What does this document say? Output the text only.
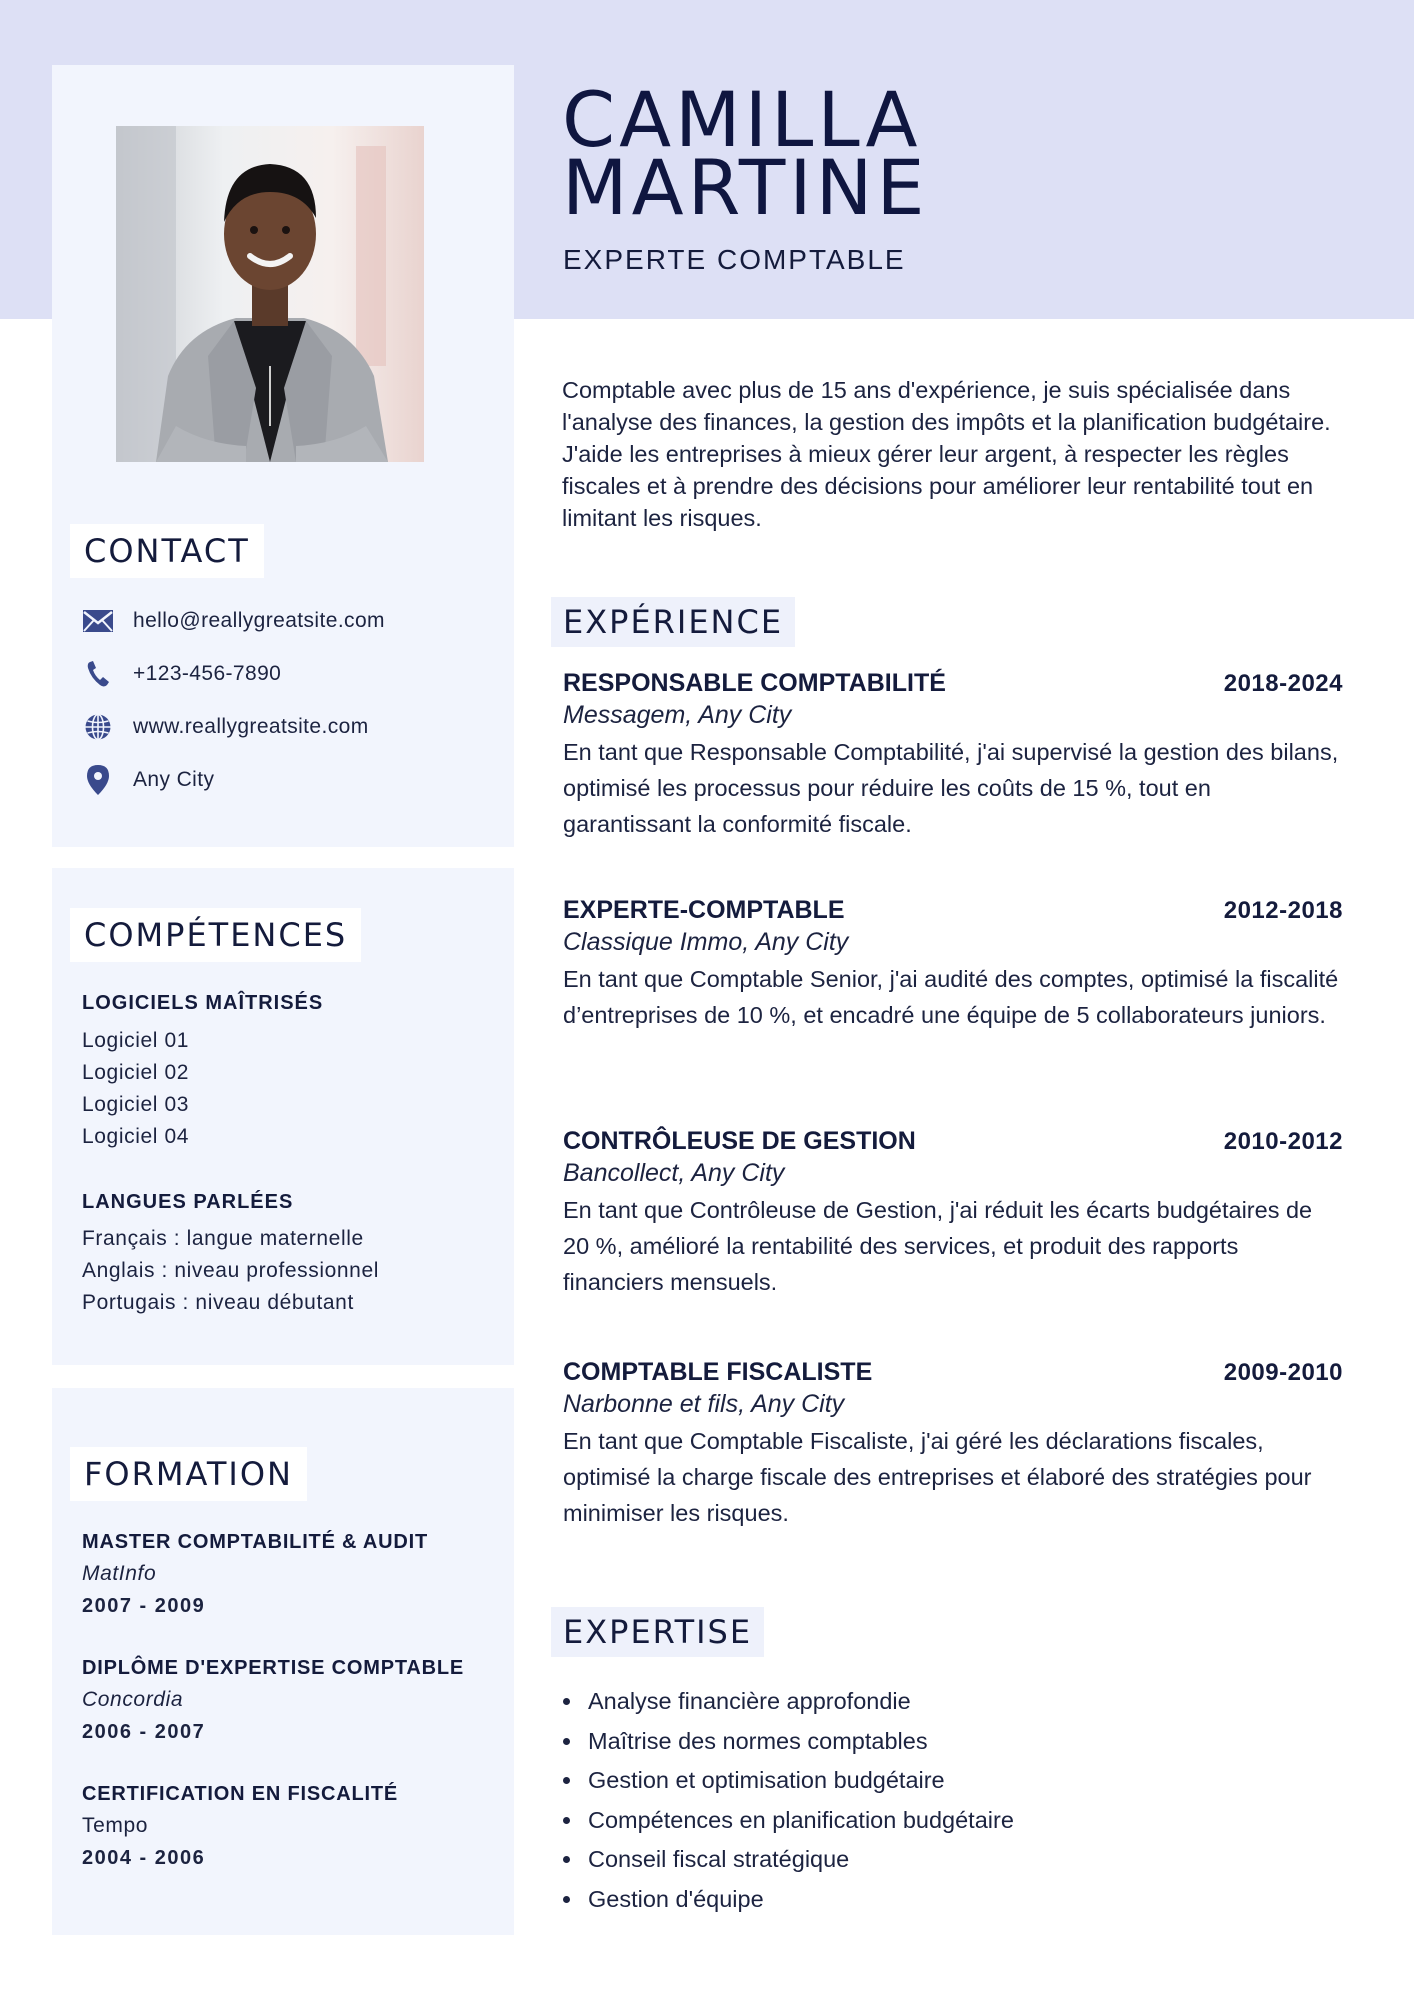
CONTACT
hello@reallygreatsite.com
+123-456-7890
www.reallygreatsite.com
Any City
COMPÉTENCES
LOGICIELS MAÎTRISÉS
Logiciel 01
Logiciel 02
Logiciel 03
Logiciel 04
LANGUES PARLÉES
Français : langue maternelle
Anglais : niveau professionnel
Portugais : niveau débutant
FORMATION
MASTER COMPTABILITÉ & AUDIT
MatInfo
2007 - 2009
DIPLÔME D'EXPERTISE COMPTABLE
Concordia
2006 - 2007
CERTIFICATION EN FISCALITÉ
Tempo
2004 - 2006
CAMILLA
MARTINE
EXPERTE COMPTABLE
Comptable avec plus de 15 ans d'expérience, je suis spécialisée dans l'analyse des finances, la gestion des impôts et la planification budgétaire. J'aide les entreprises à mieux gérer leur argent, à respecter les règles fiscales et à prendre des décisions pour améliorer leur rentabilité tout en limitant les risques.
EXPÉRIENCE
RESPONSABLE COMPTABILITÉ	2018-2024
Messagem, Any City
En tant que Responsable Comptabilité, j'ai supervisé la gestion des bilans, optimisé les processus pour réduire les coûts de 15 %, tout en garantissant la conformité fiscale.
EXPERTE-COMPTABLE	2012-2018
Classique Immo, Any City
En tant que Comptable Senior, j'ai audité des comptes, optimisé la fiscalité d’entreprises de 10 %, et encadré une équipe de 5 collaborateurs juniors.
CONTRÔLEUSE DE GESTION	2010-2012
Bancollect, Any City
En tant que Contrôleuse de Gestion, j'ai réduit les écarts budgétaires de 20 %, amélioré la rentabilité des services, et produit des rapports financiers mensuels.
COMPTABLE FISCALISTE	2009-2010
Narbonne et fils, Any City
En tant que Comptable Fiscaliste, j'ai géré les déclarations fiscales, optimisé la charge fiscale des entreprises et élaboré des stratégies pour minimiser les risques.
EXPERTISE
• Analyse financière approfondie
• Maîtrise des normes comptables
• Gestion et optimisation budgétaire
• Compétences en planification budgétaire
• Conseil fiscal stratégique
• Gestion d'équipe
